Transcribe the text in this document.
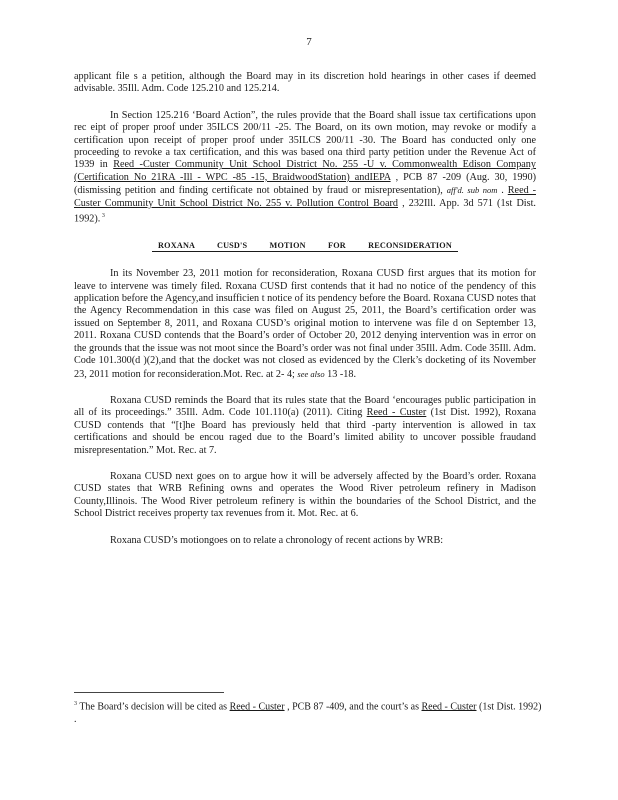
7

applicant file s a petition, although the Board may in its discretion hold hearings in other cases if deemed advisable. 35Ill. Adm. Code 125.210 and 125.214.

In Section 125.216 ‘Board Action”, the rules provide that the Board shall issue tax certifications upon rec eipt of proper proof under 35ILCS 200/11 -25. The Board, on its own motion, may revoke or modify a certification upon receipt of proper proof under 35ILCS 200/11 -30. The Board has conducted only one proceeding to revoke a tax certification, and this was based ona third party petition under the Revenue Act of 1939 in Reed -Custer Community Unit School District No. 255 -U v. Commonwealth Edison Company (Certification No 21RA -Ill - WPC -85 -15, BraidwoodStation) andIEPA , PCB 87 -209 (Aug. 30, 1990) (dismissing petition and finding certificate not obtained by fraud or misrepresentation), aff'd. sub nom . Reed - Custer Community Unit School District No. 255 v. Pollution Control Board , 232Ill. App. 3d 571 (1st Dist. 1992). $^3$

ROXANA CUSD'S MOTION FOR RECONSIDERATION

In its November 23, 2011 motion for reconsideration, Roxana CUSD first argues that its motion for leave to intervene was timely filed. Roxana CUSD first contends that it had no notice of the pendency of this application before the Agency,and insufficien t notice of its pendency before the Board. Roxana CUSD notes that the Agency Recommendation in this case was filed on August 25, 2011, the Board’s certification order was issued on September 8, 2011, and Roxana CUSD’s original motion to intervene was file d on September 13, 2011. Roxana CUSD contends that the Board’s order of October 20, 2012 denying intervention was in error on the grounds that the issue was not moot since the Board’s order was not final under 35Ill. Adm. Code 35Ill. Adm. Code 101.300(d )(2),and that the docket was not closed as evidenced by the Clerk’s docketing of its November 23, 2011 motion for reconsideration.Mot. Rec. at 2- 4; see also 13 -18.

Roxana CUSD reminds the Board that its rules state that the Board ‘encourages public participation in all of its proceedings.” 35Ill. Adm. Code 101.110(a) (2011). Citing Reed - Custer (1st Dist. 1992), Roxana CUSD contends that “[t]he Board has previously held that third -party intervention is allowed in tax certifications and should be encou raged due to the Board’s limited ability to uncover possible fraudand misrepresentation.” Mot. Rec. at 7.

Roxana CUSD next goes on to argue how it will be adversely affected by the Board’s order. Roxana CUSD states that WRB Refining owns and operates the Wood River petroleum refinery in Madison County,Illinois. The Wood River petroleum refinery is within the boundaries of the School District, and the School District receives property tax revenues from it. Mot. Rec. at 6.

Roxana CUSD’s motiongoes on to relate a chronology of recent actions by WRB:

$^3$ The Board’s decision will be cited as Reed - Custer , PCB 87 -409, and the court’s as Reed - Custer (1st Dist. 1992) .
